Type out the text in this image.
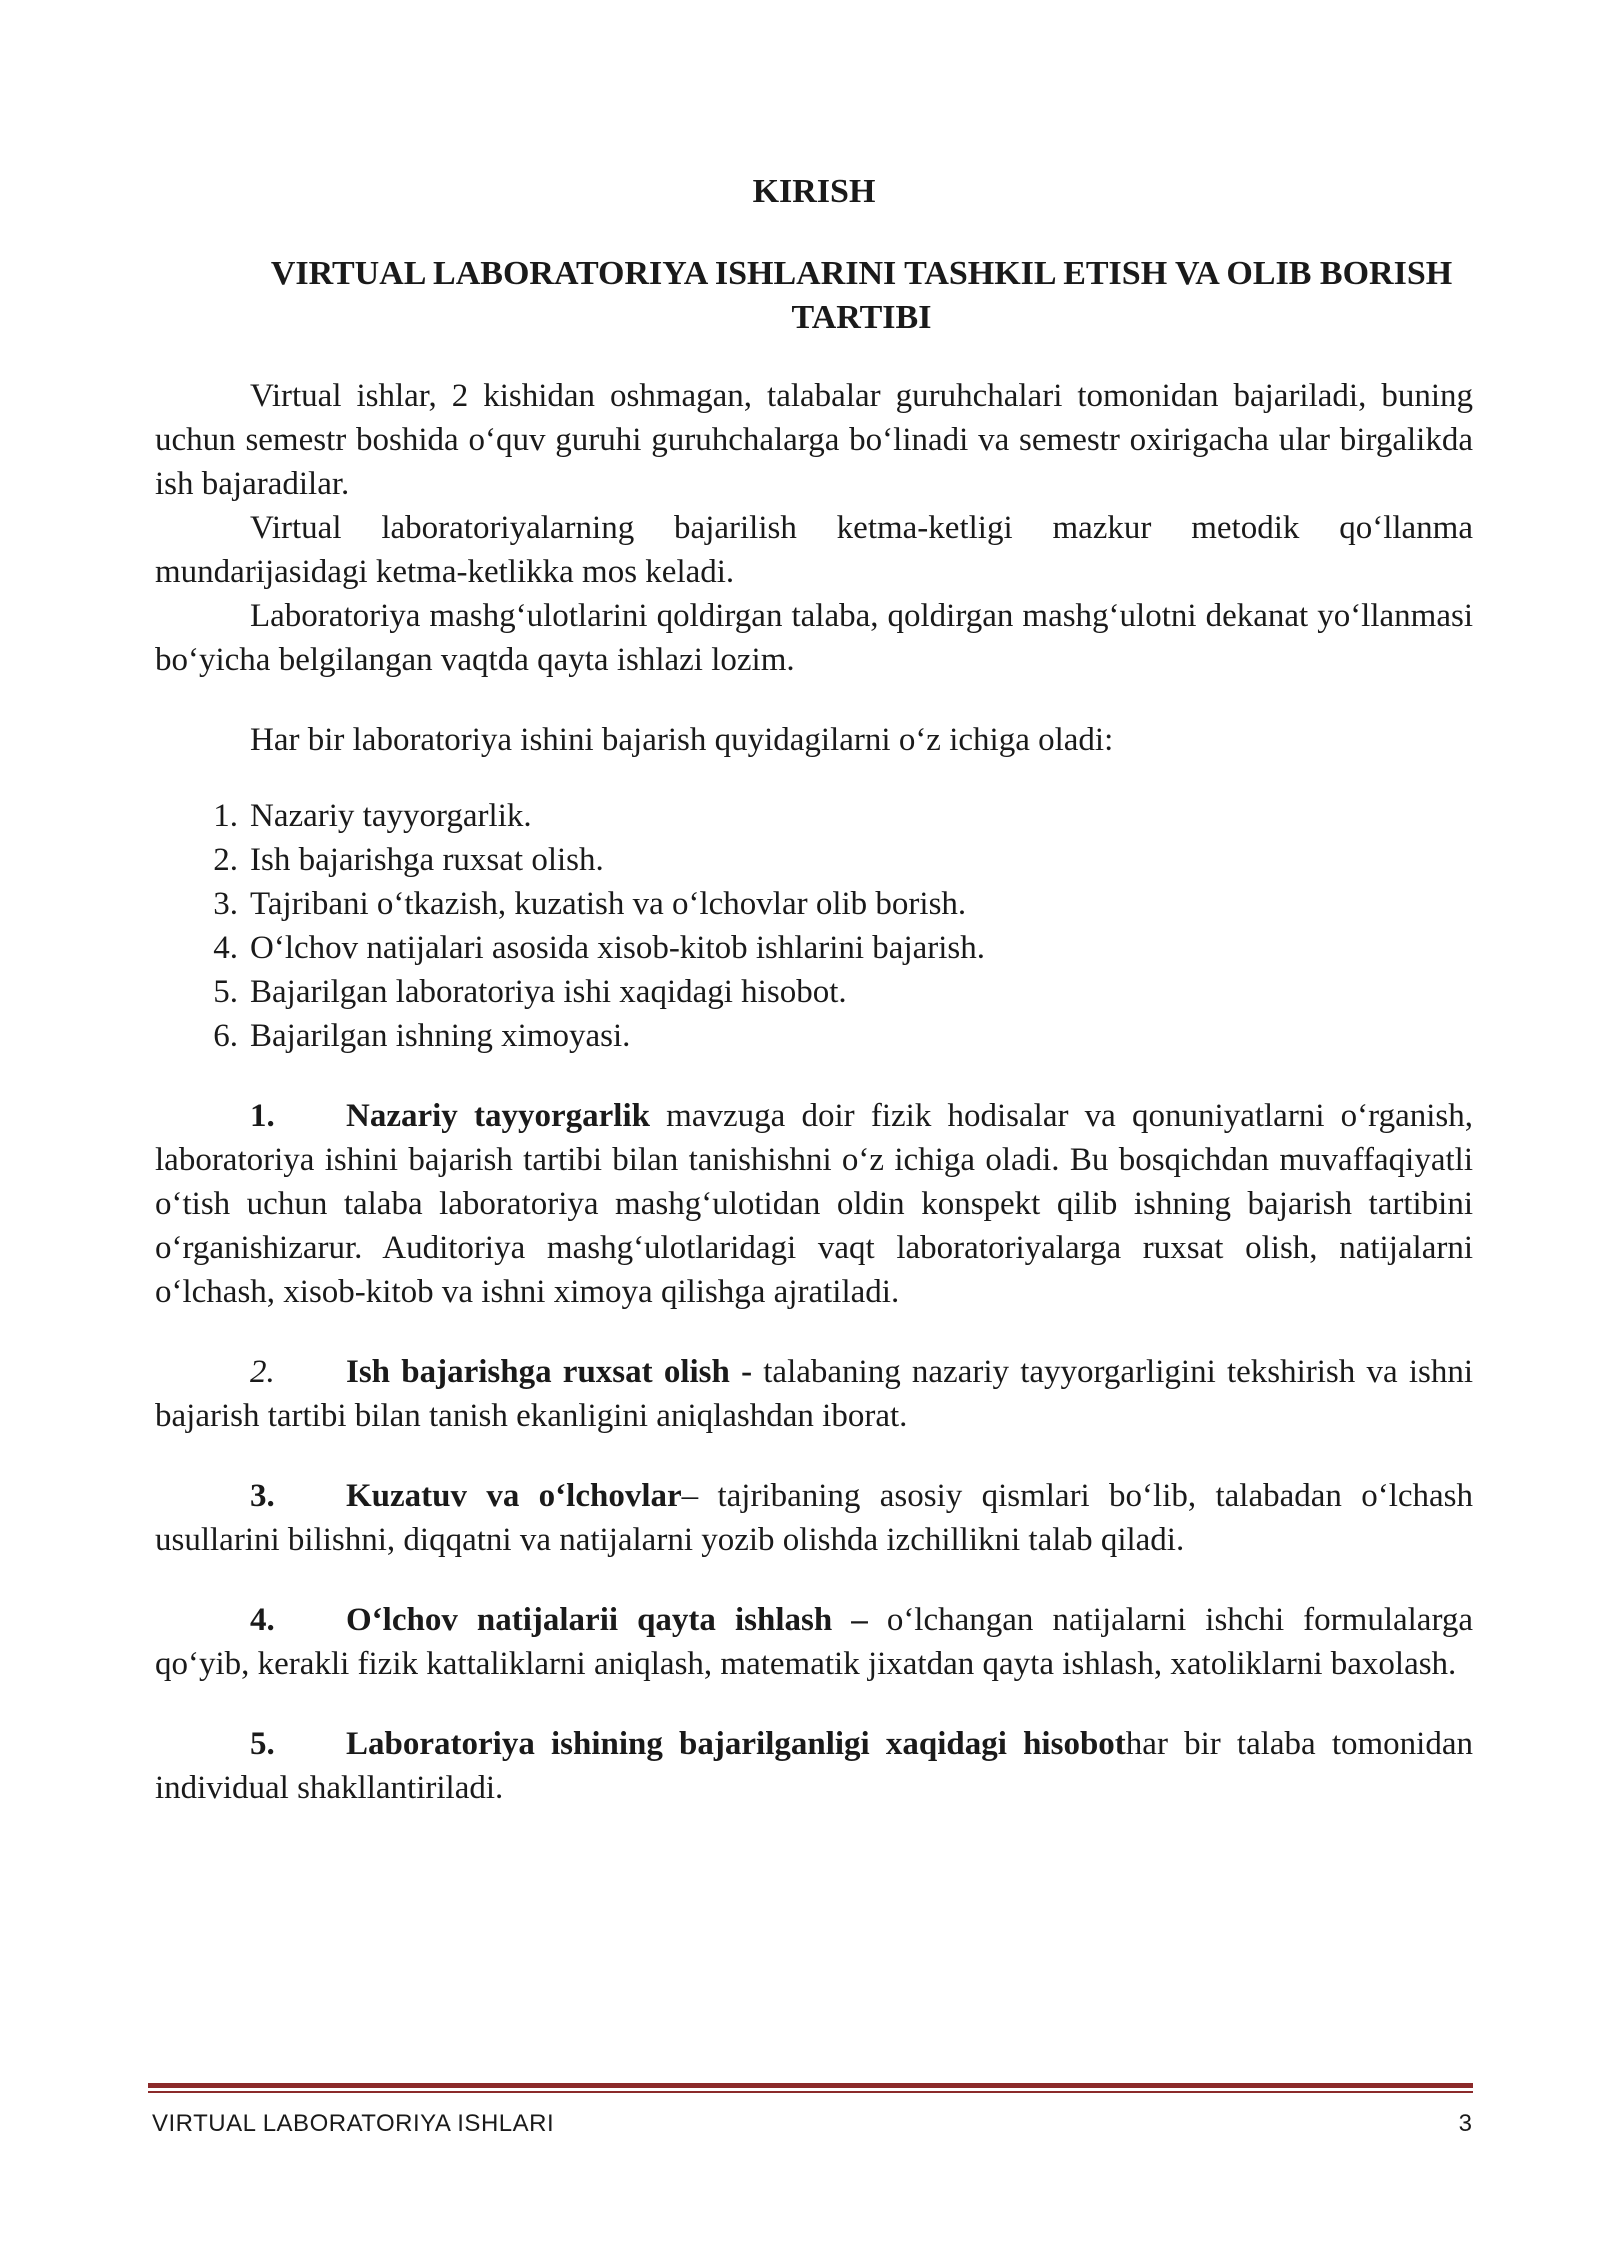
KIRISH
VIRTUAL LABORATORIYA ISHLARINI TASHKIL ETISH VA OLIB BORISH TARTIBI

Virtual ishlar, 2 kishidan oshmagan, talabalar guruhchalari tomonidan bajariladi, buning uchun semestr boshida o‘quv guruhi guruhchalarga bo‘linadi va semestr oxirigacha ular birgalikda ish bajaradilar.

Virtual laboratoriyalarning bajarilish ketma-ketligi mazkur metodik qo‘llanma mundarijasidagi ketma-ketlikka mos keladi.

Laboratoriya mashg‘ulotlarini qoldirgan talaba, qoldirgan mashg‘ulotni dekanat yo‘llanmasi bo‘yicha belgilangan vaqtda qayta ishlazi lozim.

Har bir laboratoriya ishini bajarish quyidagilarni o‘z ichiga oladi:

1. Nazariy tayyorgarlik.
2. Ish bajarishga ruxsat olish.
3. Tajribani o‘tkazish, kuzatish va o‘lchovlar olib borish.
4. O‘lchov natijalari asosida xisob-kitob ishlarini bajarish.
5. Bajarilgan laboratoriya ishi xaqidagi hisobot.
6. Bajarilgan ishning ximoyasi.

1. Nazariy tayyorgarlik mavzuga doir fizik hodisalar va qonuniyatlarni o‘rganish, laboratoriya ishini bajarish tartibi bilan tanishishni o‘z ichiga oladi. Bu bosqichdan muvaffaqiyatli o‘tish uchun talaba laboratoriya mashg‘ulotidan oldin konspekt qilib ishning bajarish tartibini o‘rganishizarur. Auditoriya mashg‘ulotlaridagi vaqt laboratoriyalarga ruxsat olish, natijalarni o‘lchash, xisob-kitob va ishni ximoya qilishga ajratiladi.

2. Ish bajarishga ruxsat olish - talabaning nazariy tayyorgarligini tekshirish va ishni bajarish tartibi bilan tanish ekanligini aniqlashdan iborat.

3. Kuzatuv va o‘lchovlar– tajribaning asosiy qismlari bo‘lib, talabadan o‘lchash usullarini bilishni, diqqatni va natijalarni yozib olishda izchillikni talab qiladi.

4. O‘lchov natijalarii qayta ishlash – o‘lchangan natijalarni ishchi formulalarga qo‘yib, kerakli fizik kattaliklarni aniqlash, matematik jixatdan qayta ishlash, xatoliklarni baxolash.

5. Laboratoriya ishining bajarilganligi xaqidagi hisobothar bir talaba tomonidan individual shakllantiriladi.

VIRTUAL LABORATORIYA ISHLARI	3
